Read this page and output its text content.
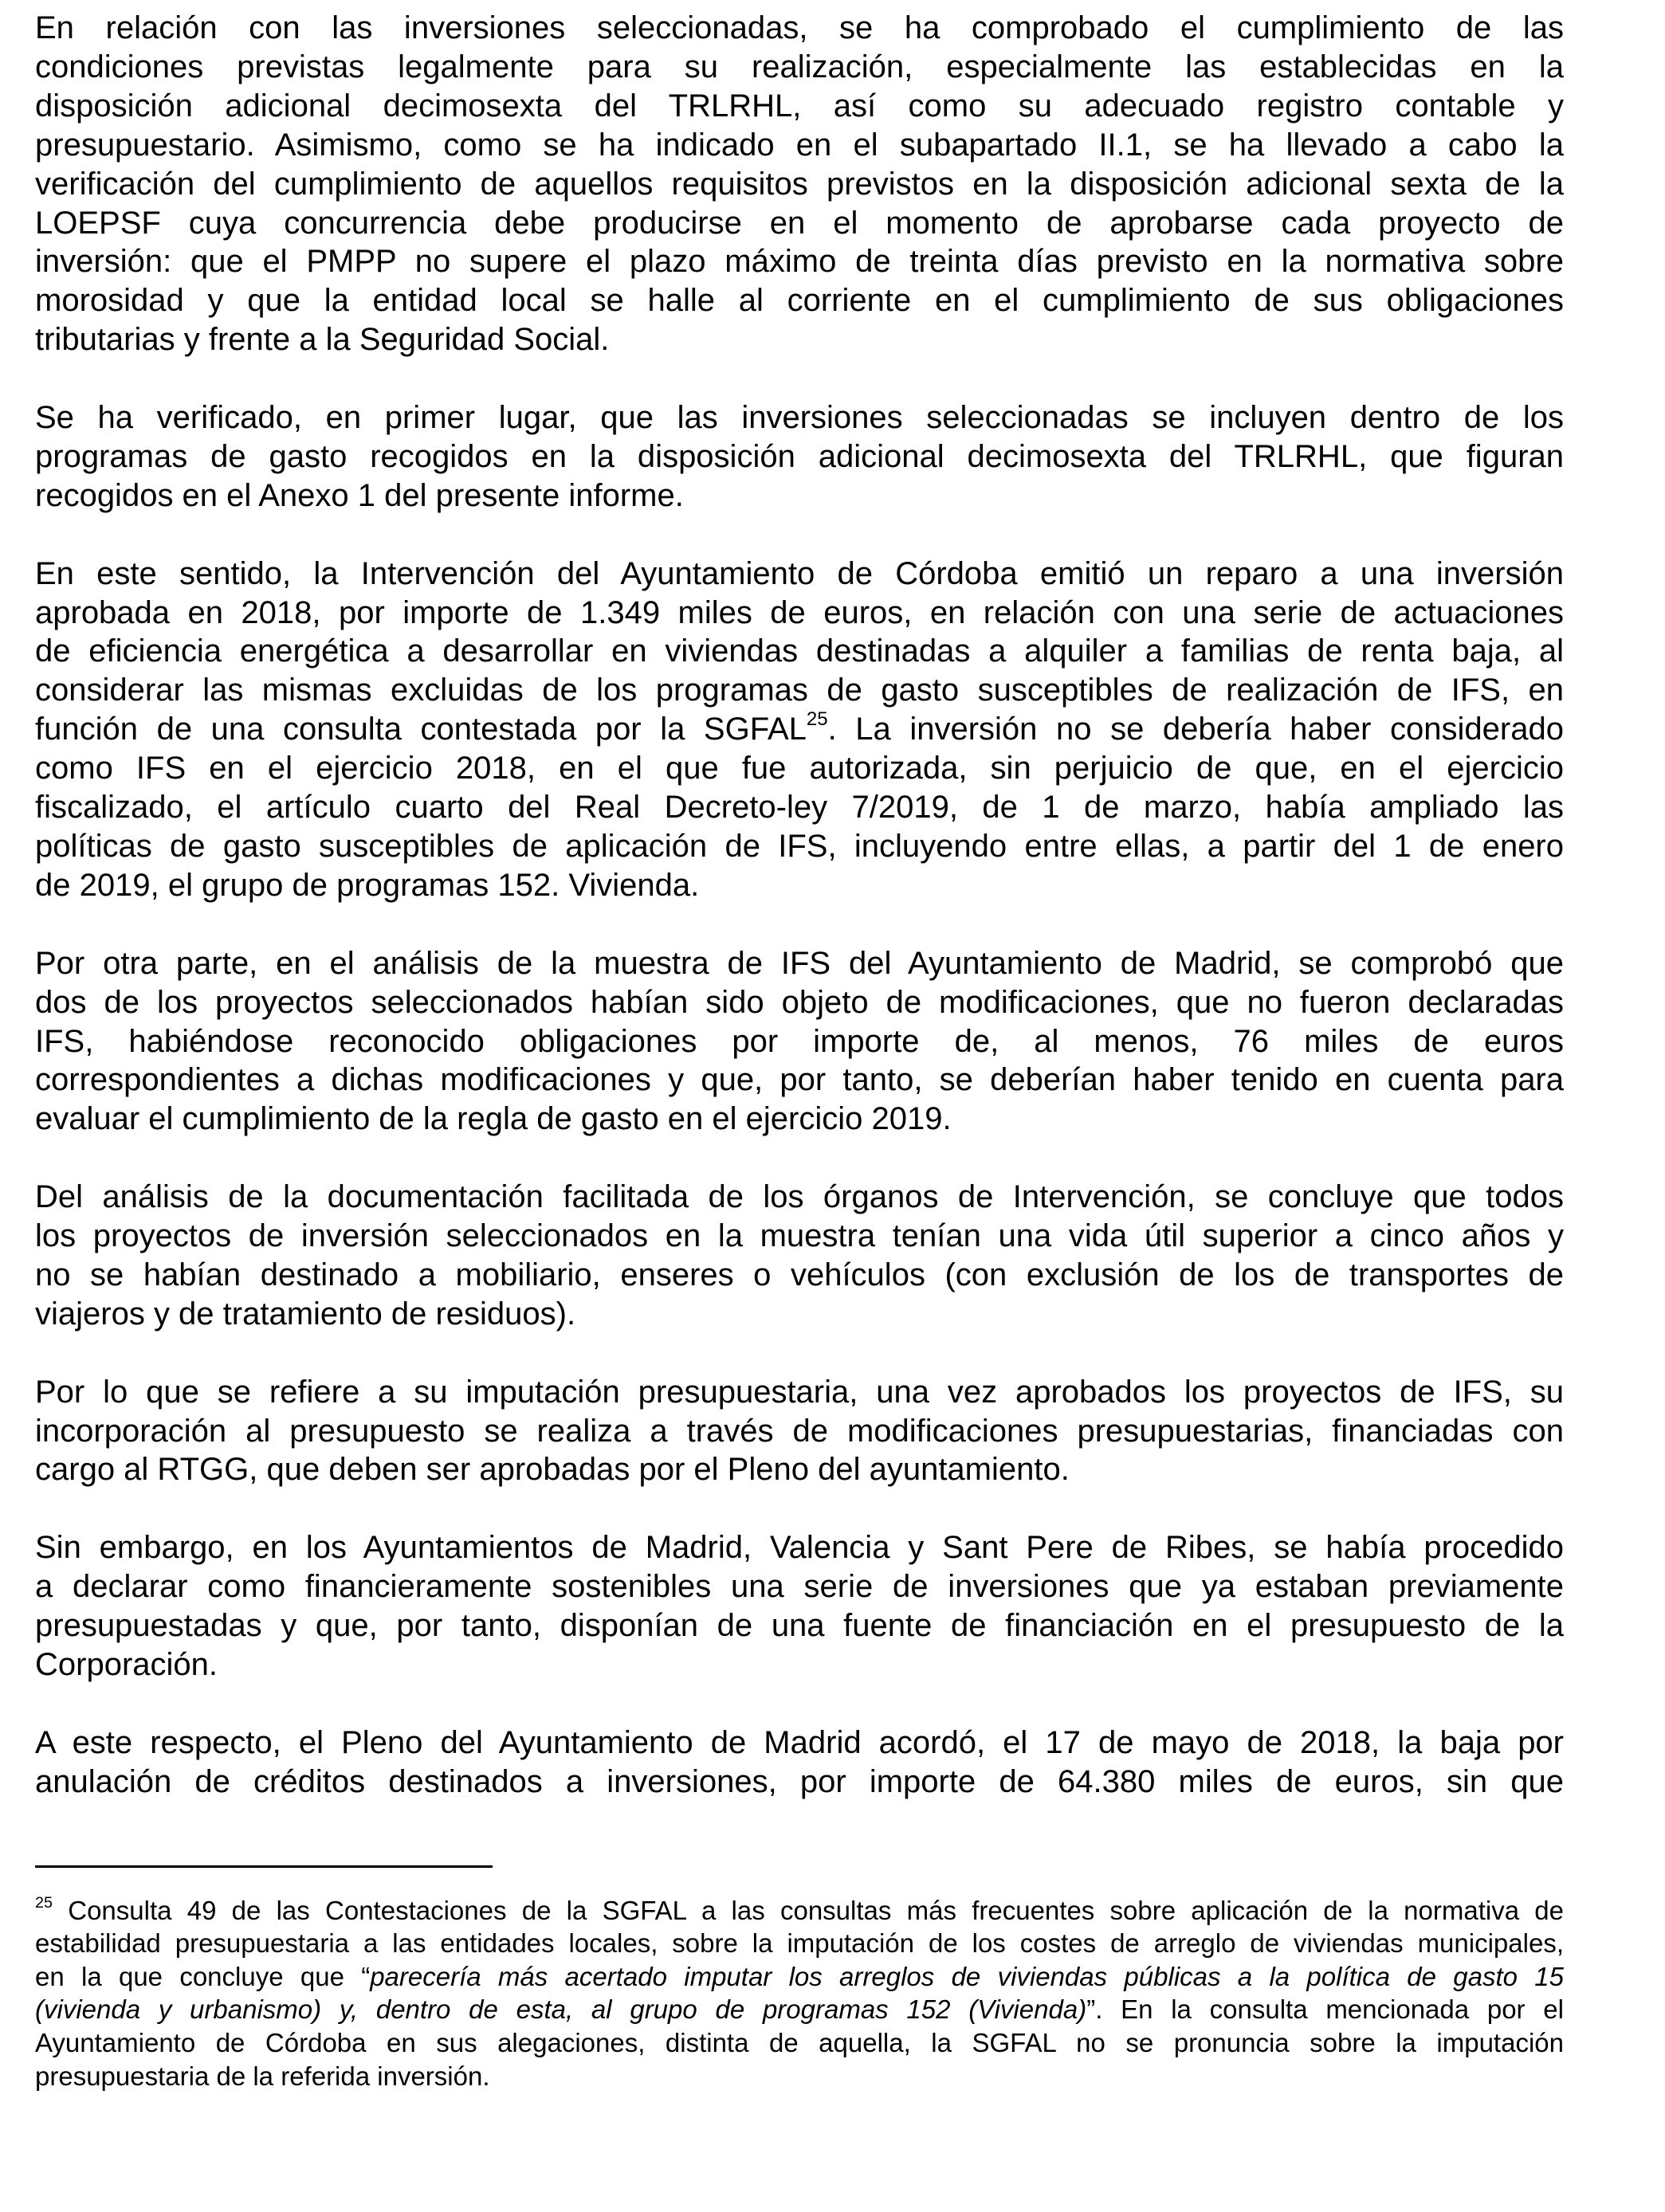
En relación con las inversiones seleccionadas, se ha comprobado el cumplimiento de las
condiciones previstas legalmente para su realización, especialmente las establecidas en la
disposición adicional decimosexta del TRLRHL, así como su adecuado registro contable y
presupuestario. Asimismo, como se ha indicado en el subapartado II.1, se ha llevado a cabo la
verificación del cumplimiento de aquellos requisitos previstos en la disposición adicional sexta de la
LOEPSF cuya concurrencia debe producirse en el momento de aprobarse cada proyecto de
inversión: que el PMPP no supere el plazo máximo de treinta días previsto en la normativa sobre
morosidad y que la entidad local se halle al corriente en el cumplimiento de sus obligaciones
tributarias y frente a la Seguridad Social.
Se ha verificado, en primer lugar, que las inversiones seleccionadas se incluyen dentro de los
programas de gasto recogidos en la disposición adicional decimosexta del TRLRHL, que figuran
recogidos en el Anexo 1 del presente informe.
En este sentido, la Intervención del Ayuntamiento de Córdoba emitió un reparo a una inversión
aprobada en 2018, por importe de 1.349 miles de euros, en relación con una serie de actuaciones
de eficiencia energética a desarrollar en viviendas destinadas a alquiler a familias de renta baja, al
considerar las mismas excluidas de los programas de gasto susceptibles de realización de IFS, en
función de una consulta contestada por la SGFAL$^{25}$. La inversión no se debería haber considerado
como IFS en el ejercicio 2018, en el que fue autorizada, sin perjuicio de que, en el ejercicio
fiscalizado, el artículo cuarto del Real Decreto-ley 7/2019, de 1 de marzo, había ampliado las
políticas de gasto susceptibles de aplicación de IFS, incluyendo entre ellas, a partir del 1 de enero
de 2019, el grupo de programas 152. Vivienda.
Por otra parte, en el análisis de la muestra de IFS del Ayuntamiento de Madrid, se comprobó que
dos de los proyectos seleccionados habían sido objeto de modificaciones, que no fueron declaradas
IFS, habiéndose reconocido obligaciones por importe de, al menos, 76 miles de euros
correspondientes a dichas modificaciones y que, por tanto, se deberían haber tenido en cuenta para
evaluar el cumplimiento de la regla de gasto en el ejercicio 2019.
Del análisis de la documentación facilitada de los órganos de Intervención, se concluye que todos
los proyectos de inversión seleccionados en la muestra tenían una vida útil superior a cinco años y
no se habían destinado a mobiliario, enseres o vehículos (con exclusión de los de transportes de
viajeros y de tratamiento de residuos).
Por lo que se refiere a su imputación presupuestaria, una vez aprobados los proyectos de IFS, su
incorporación al presupuesto se realiza a través de modificaciones presupuestarias, financiadas con
cargo al RTGG, que deben ser aprobadas por el Pleno del ayuntamiento.
Sin embargo, en los Ayuntamientos de Madrid, Valencia y Sant Pere de Ribes, se había procedido
a declarar como financieramente sostenibles una serie de inversiones que ya estaban previamente
presupuestadas y que, por tanto, disponían de una fuente de financiación en el presupuesto de la
Corporación.
A este respecto, el Pleno del Ayuntamiento de Madrid acordó, el 17 de mayo de 2018, la baja por
anulación de créditos destinados a inversiones, por importe de 64.380 miles de euros, sin que
$^{25}$ Consulta 49 de las Contestaciones de la SGFAL a las consultas más frecuentes sobre aplicación de la normativa de
estabilidad presupuestaria a las entidades locales, sobre la imputación de los costes de arreglo de viviendas municipales,
en la que concluye que “parecería más acertado imputar los arreglos de viviendas públicas a la política de gasto 15
(vivienda y urbanismo) y, dentro de esta, al grupo de programas 152 (Vivienda)”. En la consulta mencionada por el
Ayuntamiento de Córdoba en sus alegaciones, distinta de aquella, la SGFAL no se pronuncia sobre la imputación
presupuestaria de la referida inversión.
